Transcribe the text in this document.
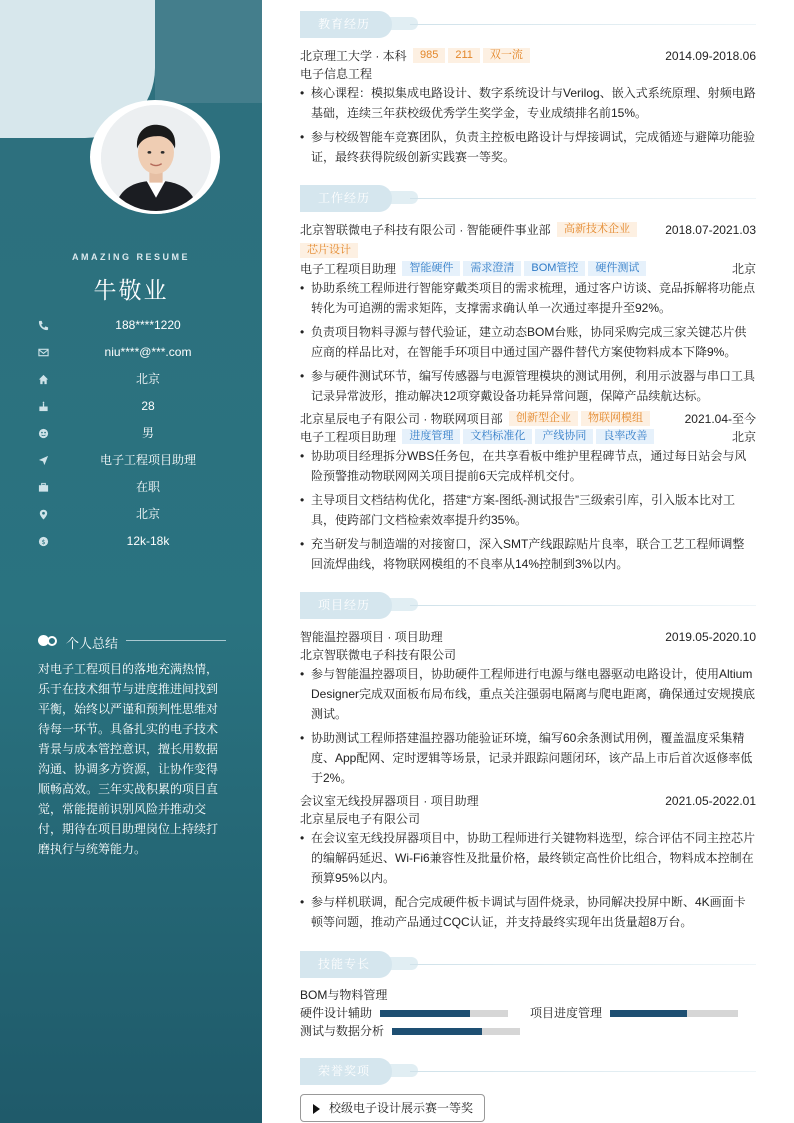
AMAZING RESUME
牛敬业
188****1220
niu****@***.com
北京
28
男
电子工程项目助理
在职
北京
$	12k-18k
个人总结
对电子工程项目的落地充满热情，乐于在技术细节与进度推进间找到平衡，始终以严谨和预判性思维对待每一环节。具备扎实的电子技术背景与成本管控意识，擅长用数据沟通、协调多方资源，让协作变得顺畅高效。三年实战积累的项目直觉，常能提前识别风险并推动交付，期待在项目助理岗位上持续打磨执行与统筹能力。
教育经历
北京理工大学 · 本科 985 211 双一流	2014.09-2018.06
电子信息工程
• 核心课程：模拟集成电路设计、数字系统设计与Verilog、嵌入式系统原理、射频电路基础，连续三年获校级优秀学生奖学金，专业成绩排名前15%。
• 参与校级智能车竞赛团队，负责主控板电路设计与焊接调试，完成循迹与避障功能验证，最终获得院级创新实践赛一等奖。
工作经历
北京智联微电子科技有限公司 · 智能硬件事业部 高新技术企业	2018.07-2021.03
芯片设计
电子工程项目助理 智能硬件 需求澄清 BOM管控 硬件测试	北京
• 协助系统工程师进行智能穿戴类项目的需求梳理，通过客户访谈、竞品拆解将功能点转化为可追溯的需求矩阵，支撑需求确认单一次通过率提升至92%。
• 负责项目物料寻源与替代验证，建立动态BOM台账，协同采购完成三家关键芯片供应商的样品比对，在智能手环项目中通过国产器件替代方案使物料成本下降9%。
• 参与硬件测试环节，编写传感器与电源管理模块的测试用例，利用示波器与串口工具记录异常波形，推动解决12项穿戴设备功耗异常问题，保障产品续航达标。
北京星辰电子有限公司 · 物联网项目部 创新型企业 物联网模组	2021.04-至今
电子工程项目助理 进度管理 文档标准化 产线协同 良率改善	北京
• 协助项目经理拆分WBS任务包，在共享看板中维护里程碑节点，通过每日站会与风险预警推动物联网网关项目提前6天完成样机交付。
• 主导项目文档结构优化，搭建“方案-图纸-测试报告”三级索引库，引入版本比对工具，使跨部门文档检索效率提升约35%。
• 充当研发与制造端的对接窗口，深入SMT产线跟踪贴片良率，联合工艺工程师调整回流焊曲线，将物联网模组的不良率从14%控制到3%以内。
项目经历
智能温控器项目 · 项目助理	2019.05-2020.10
北京智联微电子科技有限公司
• 参与智能温控器项目，协助硬件工程师进行电源与继电器驱动电路设计，使用Altium Designer完成双面板布局布线，重点关注强弱电隔离与爬电距离，确保通过安规摸底测试。
• 协助测试工程师搭建温控器功能验证环境，编写60余条测试用例，覆盖温度采集精度、App配网、定时逻辑等场景，记录并跟踪问题闭环，该产品上市后首次返修率低于2%。
会议室无线投屏器项目 · 项目助理	2021.05-2022.01
北京星辰电子有限公司
• 在会议室无线投屏器项目中，协助工程师进行关键物料选型，综合评估不同主控芯片的编解码延迟、Wi-Fi6兼容性及批量价格，最终锁定高性价比组合，物料成本控制在预算95%以内。
• 参与样机联调，配合完成硬件板卡调试与固件烧录，协同解决投屏中断、4K画面卡顿等问题，推动产品通过CQC认证，并支持最终实现年出货量超8万台。
技能专长
BOM与物料管理
硬件设计辅助	项目进度管理
测试与数据分析
荣誉奖项
校级电子设计展示赛一等奖
